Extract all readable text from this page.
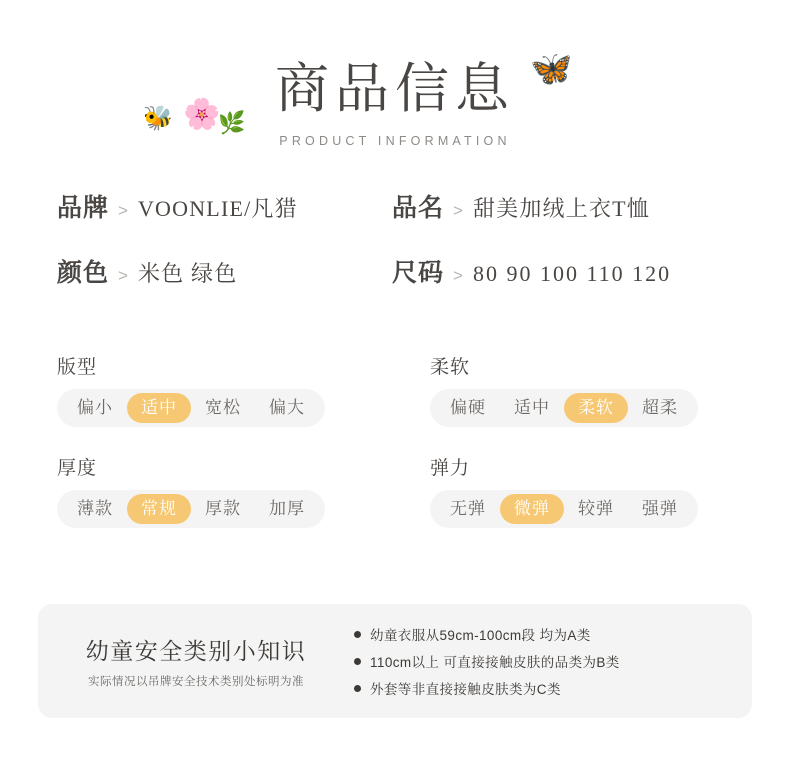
🦋
🐝 🌸
🌿
商品信息
PRODUCT INFORMATION
品牌 > VOONLIE/凡猎	品名 > 甜美加绒上衣T恤
颜色 > 米色 绿色	尺码 > 80 90 100 110 120
版型
偏小	适中	宽松	偏大
柔软
偏硬	适中	柔软	超柔
厚度
薄款	常规	厚款	加厚
弹力
无弹	微弹	较弹	强弹
幼童安全类别小知识
实际情况以吊牌安全技术类别处标明为准
幼童衣服从59cm-100cm段 均为A类
110cm以上 可直接接触皮肤的品类为B类
外套等非直接接触皮肤类为C类
